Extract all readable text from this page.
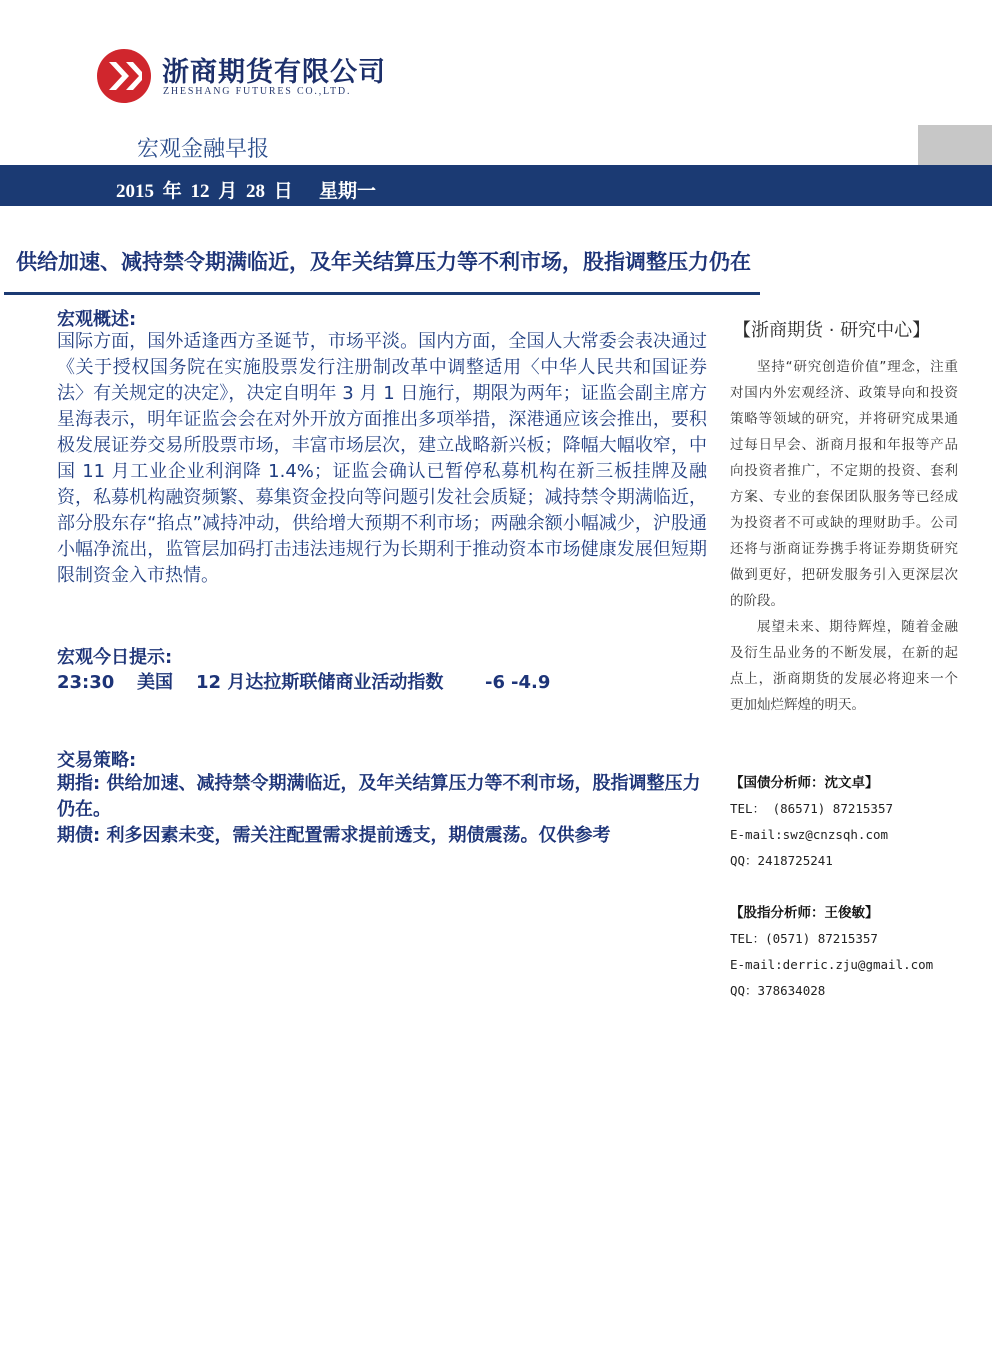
浙商期货有限公司
ZHESHANG FUTURES CO.,LTD.
宏观金融早报
2015 年 12 月 28 日 星期一
供给加速、减持禁令期满临近，及年关结算压力等不利市场，股指调整压力仍在
宏观概述:
国际方面，国外适逢西方圣诞节，市场平淡。国内方面，全国人大常委会表决通过《关于授权国务院在实施股票发行注册制改革中调整适用〈中华人民共和国证券法〉有关规定的决定》，决定自明年 3 月 1 日施行，期限为两年；证监会副主席方星海表示，明年证监会会在对外开放方面推出多项举措，深港通应该会推出，要积极发展证券交易所股票市场，丰富市场层次，建立战略新兴板；降幅大幅收窄，中国 11 月工业企业利润降 1.4%；证监会确认已暂停私募机构在新三板挂牌及融资，私募机构融资频繁、募集资金投向等问题引发社会质疑；减持禁令期满临近，部分股东存“掐点”减持冲动，供给增大预期不利市场；两融余额小幅减少，沪股通小幅净流出，监管层加码打击违法违规行为长期利于推动资本市场健康发展但短期限制资金入市热情。
宏观今日提示:
23:30 美国 12 月达拉斯联储商业活动指数 -6 -4.9
交易策略:
期指: 供给加速、减持禁令期满临近，及年关结算压力等不利市场，股指调整压力仍在。
期债: 利多因素未变，需关注配置需求提前透支，期债震荡。仅供参考
【浙商期货 · 研究中心】

坚持“研究创造价值”理念，注重对国内外宏观经济、政策导向和投资策略等领域的研究，并将研究成果通过每日早会、浙商月报和年报等产品向投资者推广，不定期的投资、套利方案、专业的套保团队服务等已经成为投资者不可或缺的理财助手。公司还将与浙商证券携手将证券期货研究做到更好，把研发服务引入更深层次的阶段。

展望未来、期待辉煌，随着金融及衍生品业务的不断发展，在新的起点上，浙商期货的发展必将迎来一个更加灿烂辉煌的明天。

【国债分析师：沈文卓】
TEL： (86571) 87215357
E-mail:swz@cnzsqh.com
QQ：2418725241
【股指分析师：王俊敏】
TEL：(0571) 87215357
E-mail:derric.zju@gmail.com
QQ：378634028
